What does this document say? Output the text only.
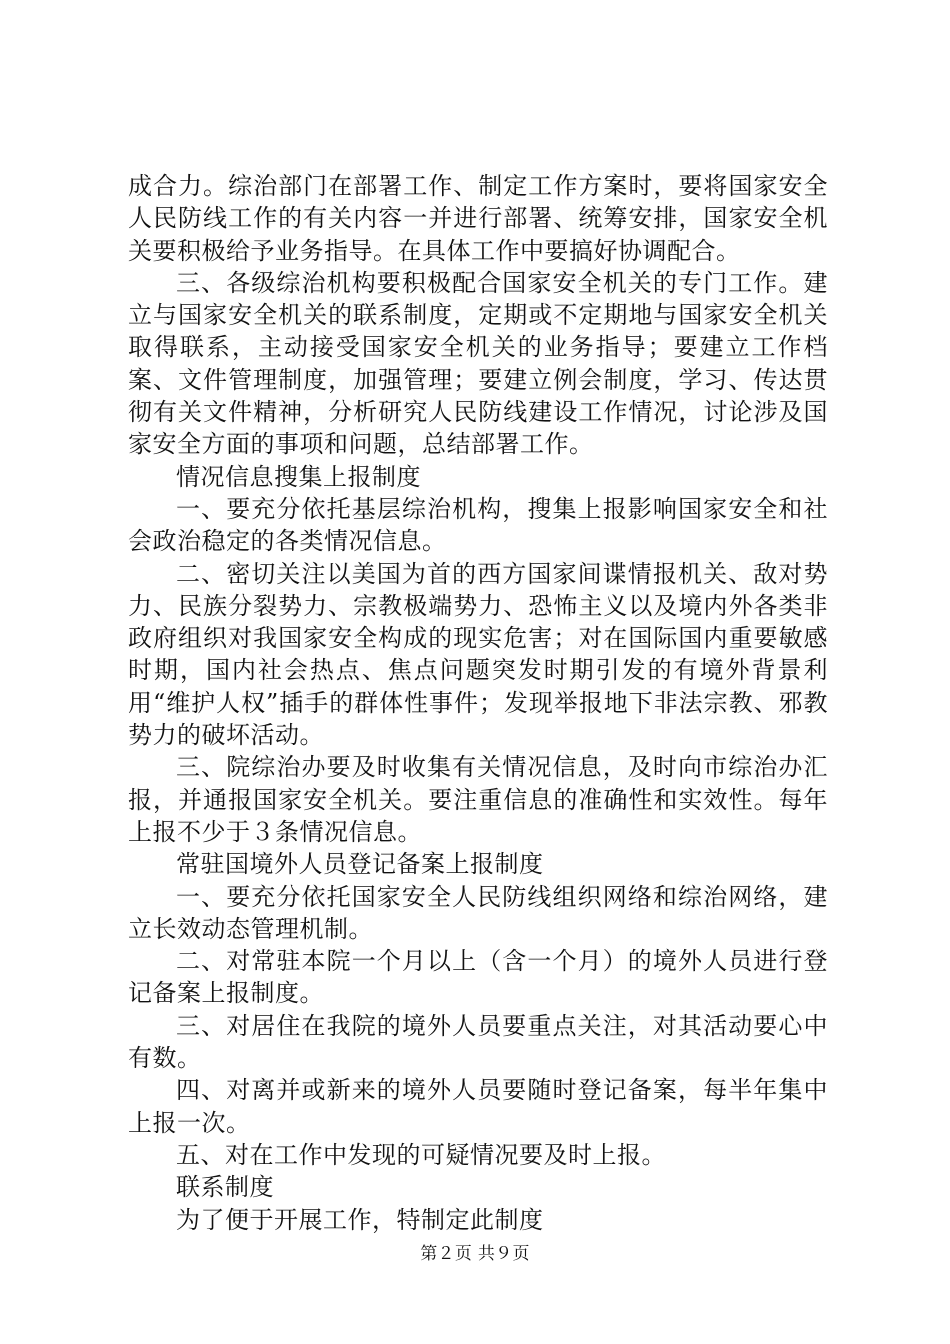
成合力。综治部门在部署工作、制定工作方案时，要将国家安全人民防线工作的有关内容一并进行部署、统筹安排，国家安全机关要积极给予业务指导。在具体工作中要搞好协调配合。

三、各级综治机构要积极配合国家安全机关的专门工作。建立与国家安全机关的联系制度，定期或不定期地与国家安全机关取得联系，主动接受国家安全机关的业务指导；要建立工作档案、文件管理制度，加强管理；要建立例会制度，学习、传达贯彻有关文件精神，分析研究人民防线建设工作情况，讨论涉及国家安全方面的事项和问题，总结部署工作。

情况信息搜集上报制度

一、要充分依托基层综治机构，搜集上报影响国家安全和社会政治稳定的各类情况信息。

二、密切关注以美国为首的西方国家间谍情报机关、敌对势力、民族分裂势力、宗教极端势力、恐怖主义以及境内外各类非政府组织对我国家安全构成的现实危害；对在国际国内重要敏感时期，国内社会热点、焦点问题突发时期引发的有境外背景利用“维护人权”插手的群体性事件；发现举报地下非法宗教、邪教势力的破坏活动。

三、院综治办要及时收集有关情况信息，及时向市综治办汇报，并通报国家安全机关。要注重信息的准确性和实效性。每年上报不少于３条情况信息。

常驻国境外人员登记备案上报制度

一、要充分依托国家安全人民防线组织网络和综治网络，建立长效动态管理机制。

二、对常驻本院一个月以上（含一个月）的境外人员进行登记备案上报制度。

三、对居住在我院的境外人员要重点关注，对其活动要心中有数。

四、对离并或新来的境外人员要随时登记备案，每半年集中上报一次。

五、对在工作中发现的可疑情况要及时上报。

联系制度

为了便于开展工作，特制定此制度

第２页 共９页
